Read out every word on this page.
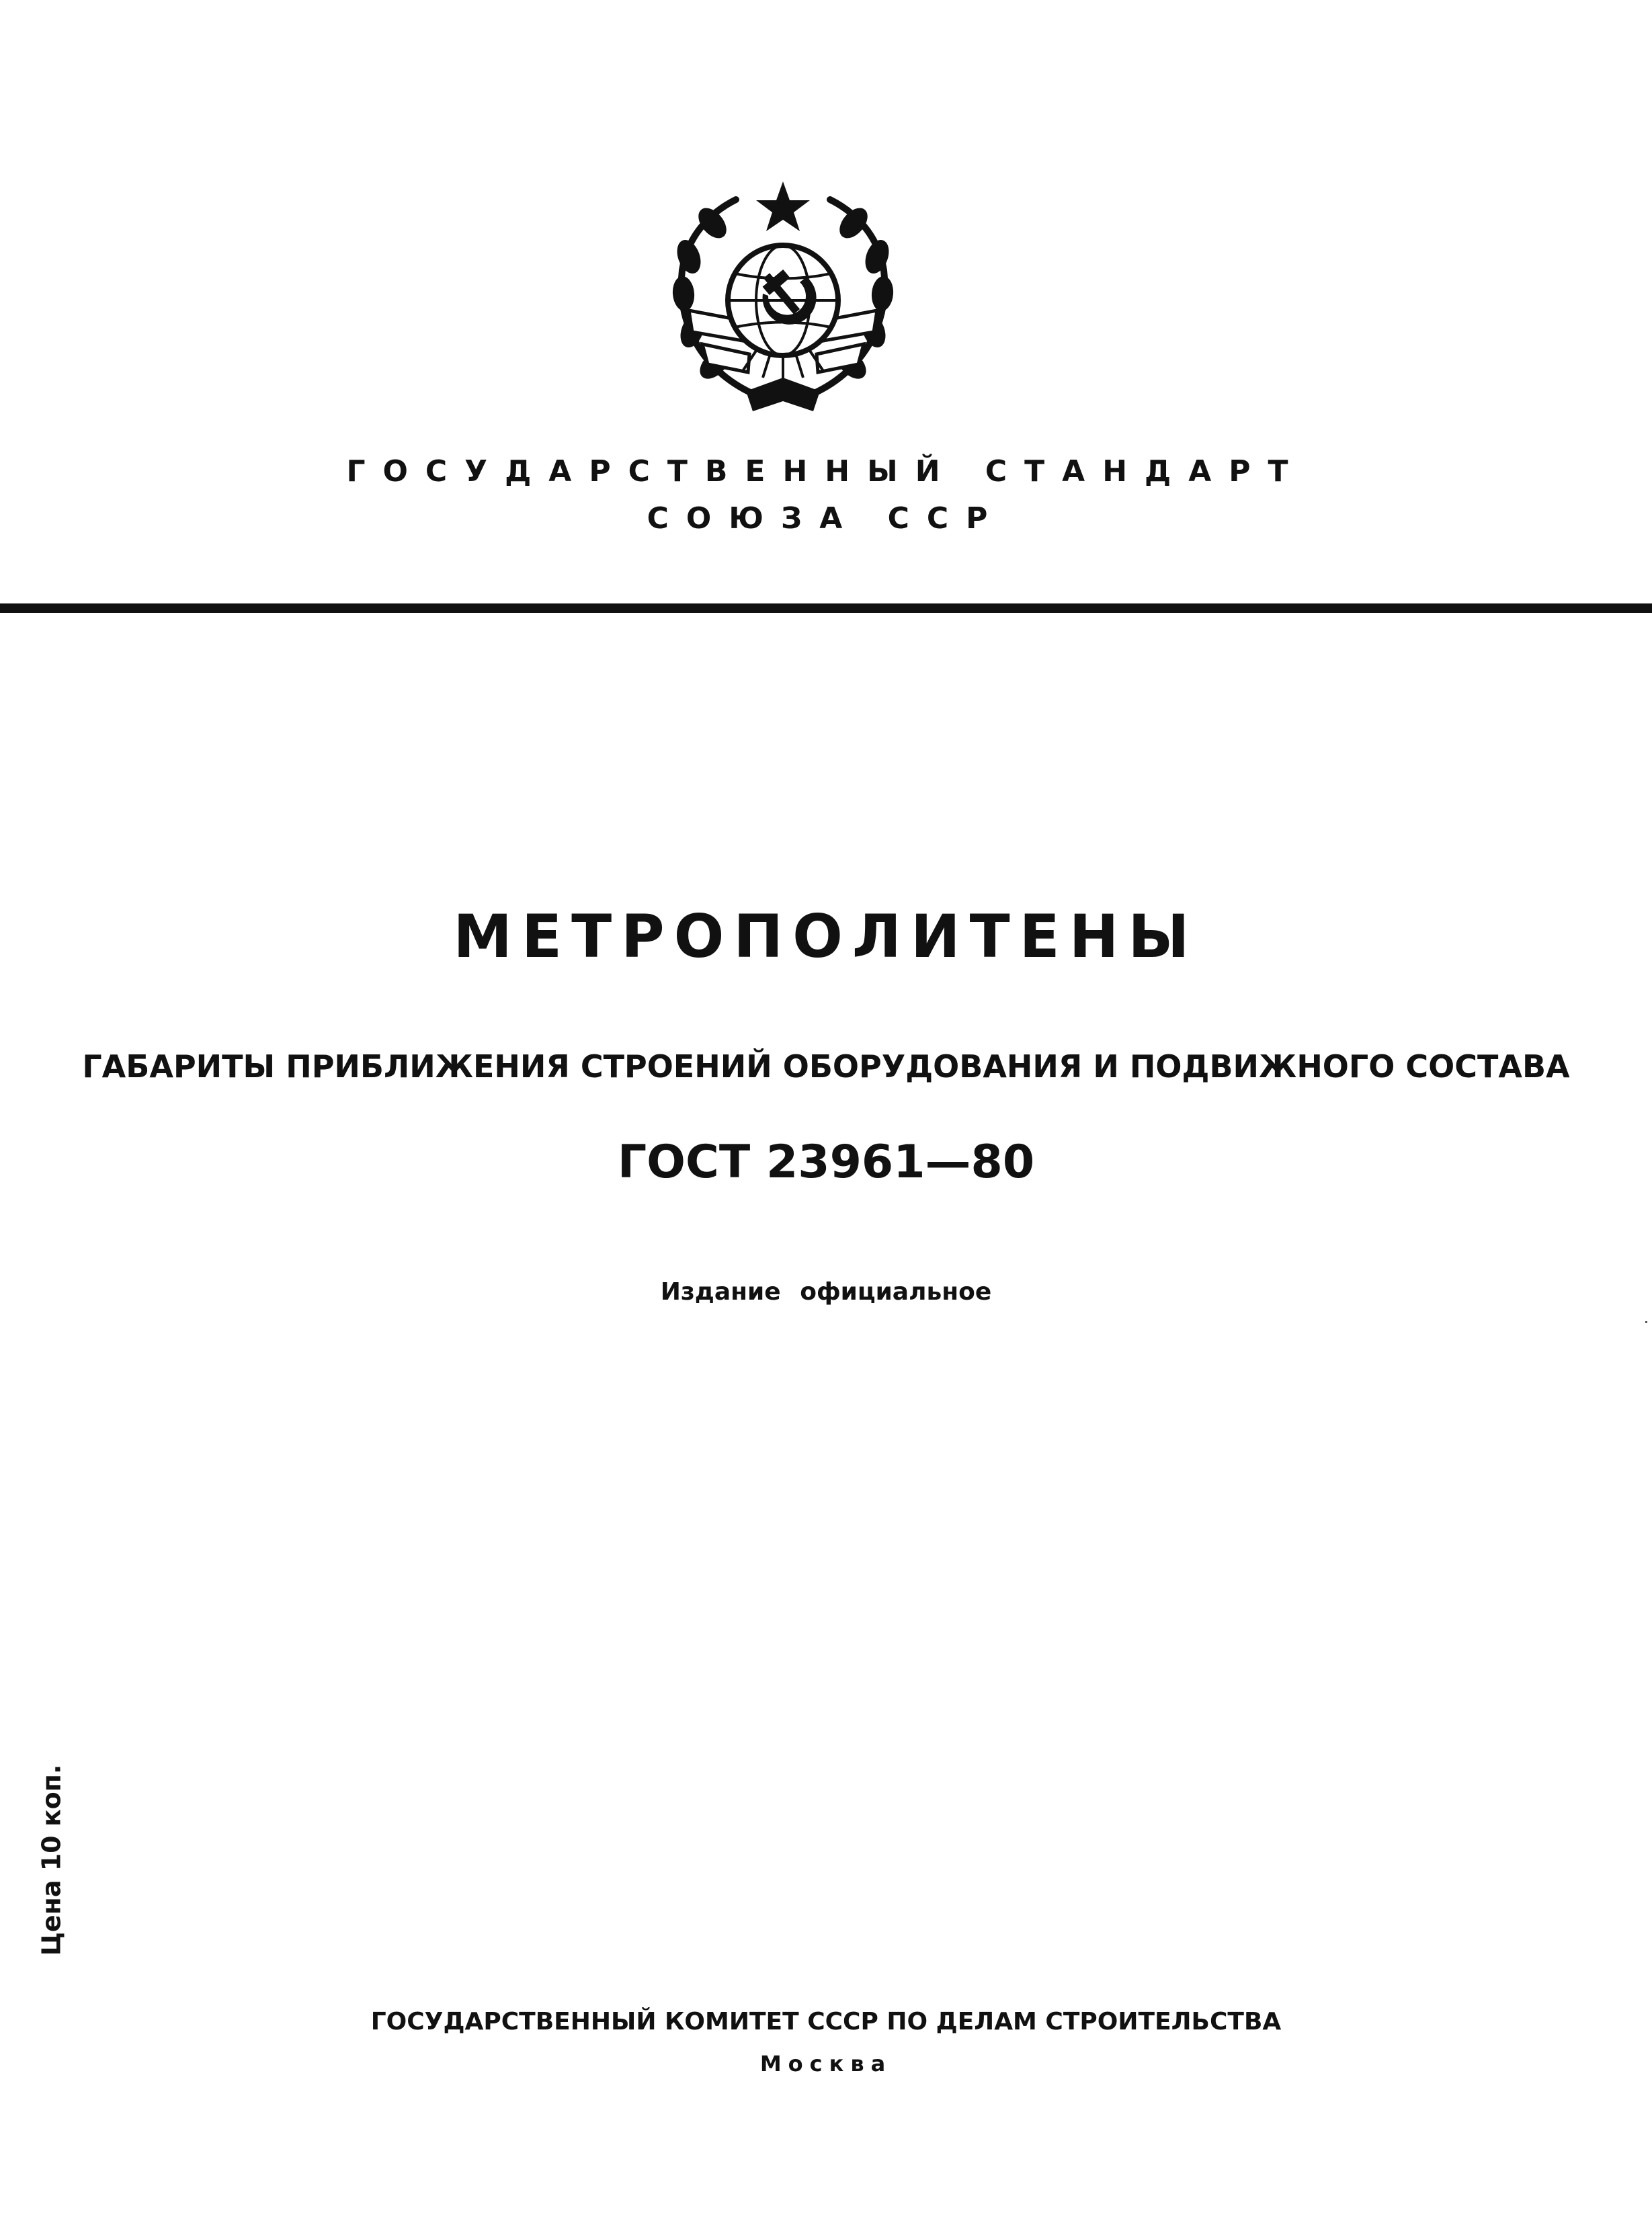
ГОСУДАРСТВЕННЫЙ СТАНДАРТ
СОЮЗА ССР
МЕТРОПОЛИТЕНЫ
ГАБАРИТЫ ПРИБЛИЖЕНИЯ СТРОЕНИЙ ОБОРУДОВАНИЯ И ПОДВИЖНОГО СОСТАВА
ГОСТ 23961—80
Издание официальное
Цена 10 коп.
ГОСУДАРСТВЕННЫЙ КОМИТЕТ СССР ПО ДЕЛАМ СТРОИТЕЛЬСТВА
Москва
